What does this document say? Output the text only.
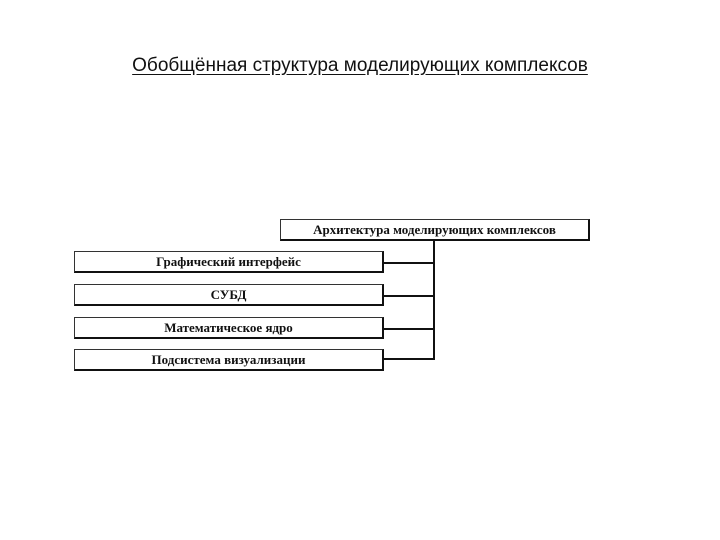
Обобщённая структура моделирующих комплексов
Архитектура моделирующих комплексов
Графический интерфейс
СУБД
Математическое ядро
Подсистема визуализации
